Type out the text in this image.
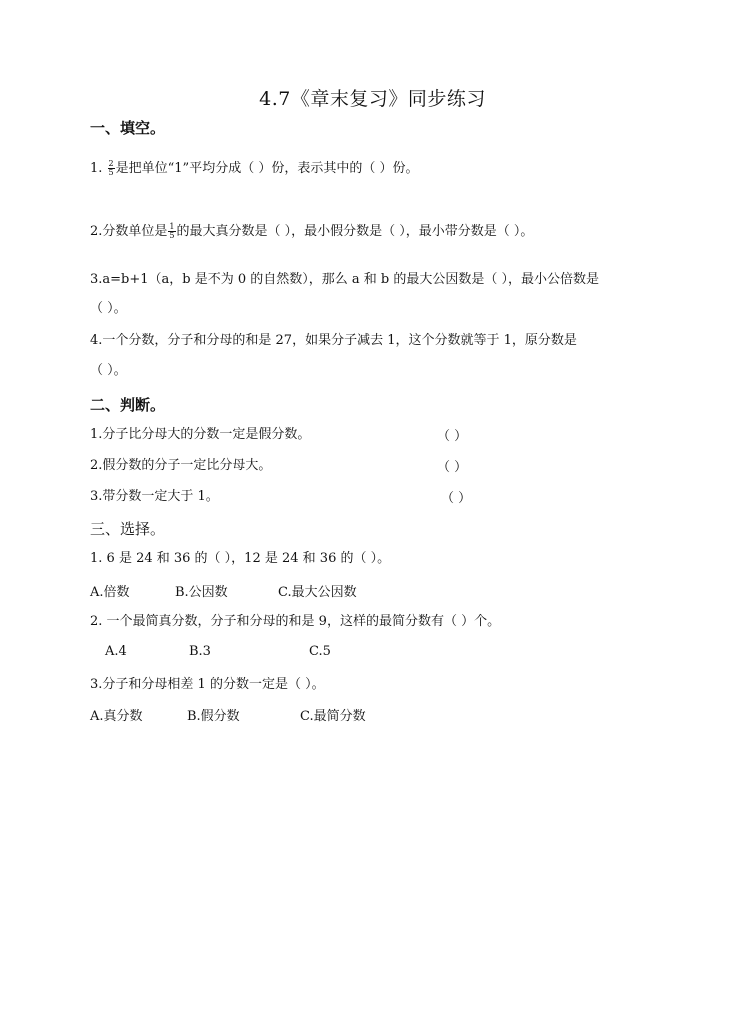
4.7《章末复习》同步练习
一、填空。
1. $\frac{2}{5}$ 是把单位“1”平均分成（ ）份，表示其中的（ ）份。
2.分数单位是 $\frac{1}{5}$ 的最大真分数是（ ），最小假分数是（ ），最小带分数是（ ）。
3.a=b+1（a，b 是不为 0 的自然数），那么 a 和 b 的最大公因数是（ ），最小公倍数是
（ ）。
4.一个分数，分子和分母的和是 27，如果分子减去 1，这个分数就等于 1，原分数是
（ ）。
二、判断。
1.分子比分母大的分数一定是假分数。	（ ）
2.假分数的分子一定比分母大。	（ ）
3.带分数一定大于 1。	（ ）
三、选择。
1. 6 是 24 和 36 的（ ），12 是 24 和 36 的（ ）。
A.倍数	B.公因数	C.最大公因数
2. 一个最简真分数，分子和分母的和是 9，这样的最简分数有（ ）个。
A.4	B.3	C.5
3.分子和分母相差 1 的分数一定是（ ）。
A.真分数	B.假分数	C.最简分数
